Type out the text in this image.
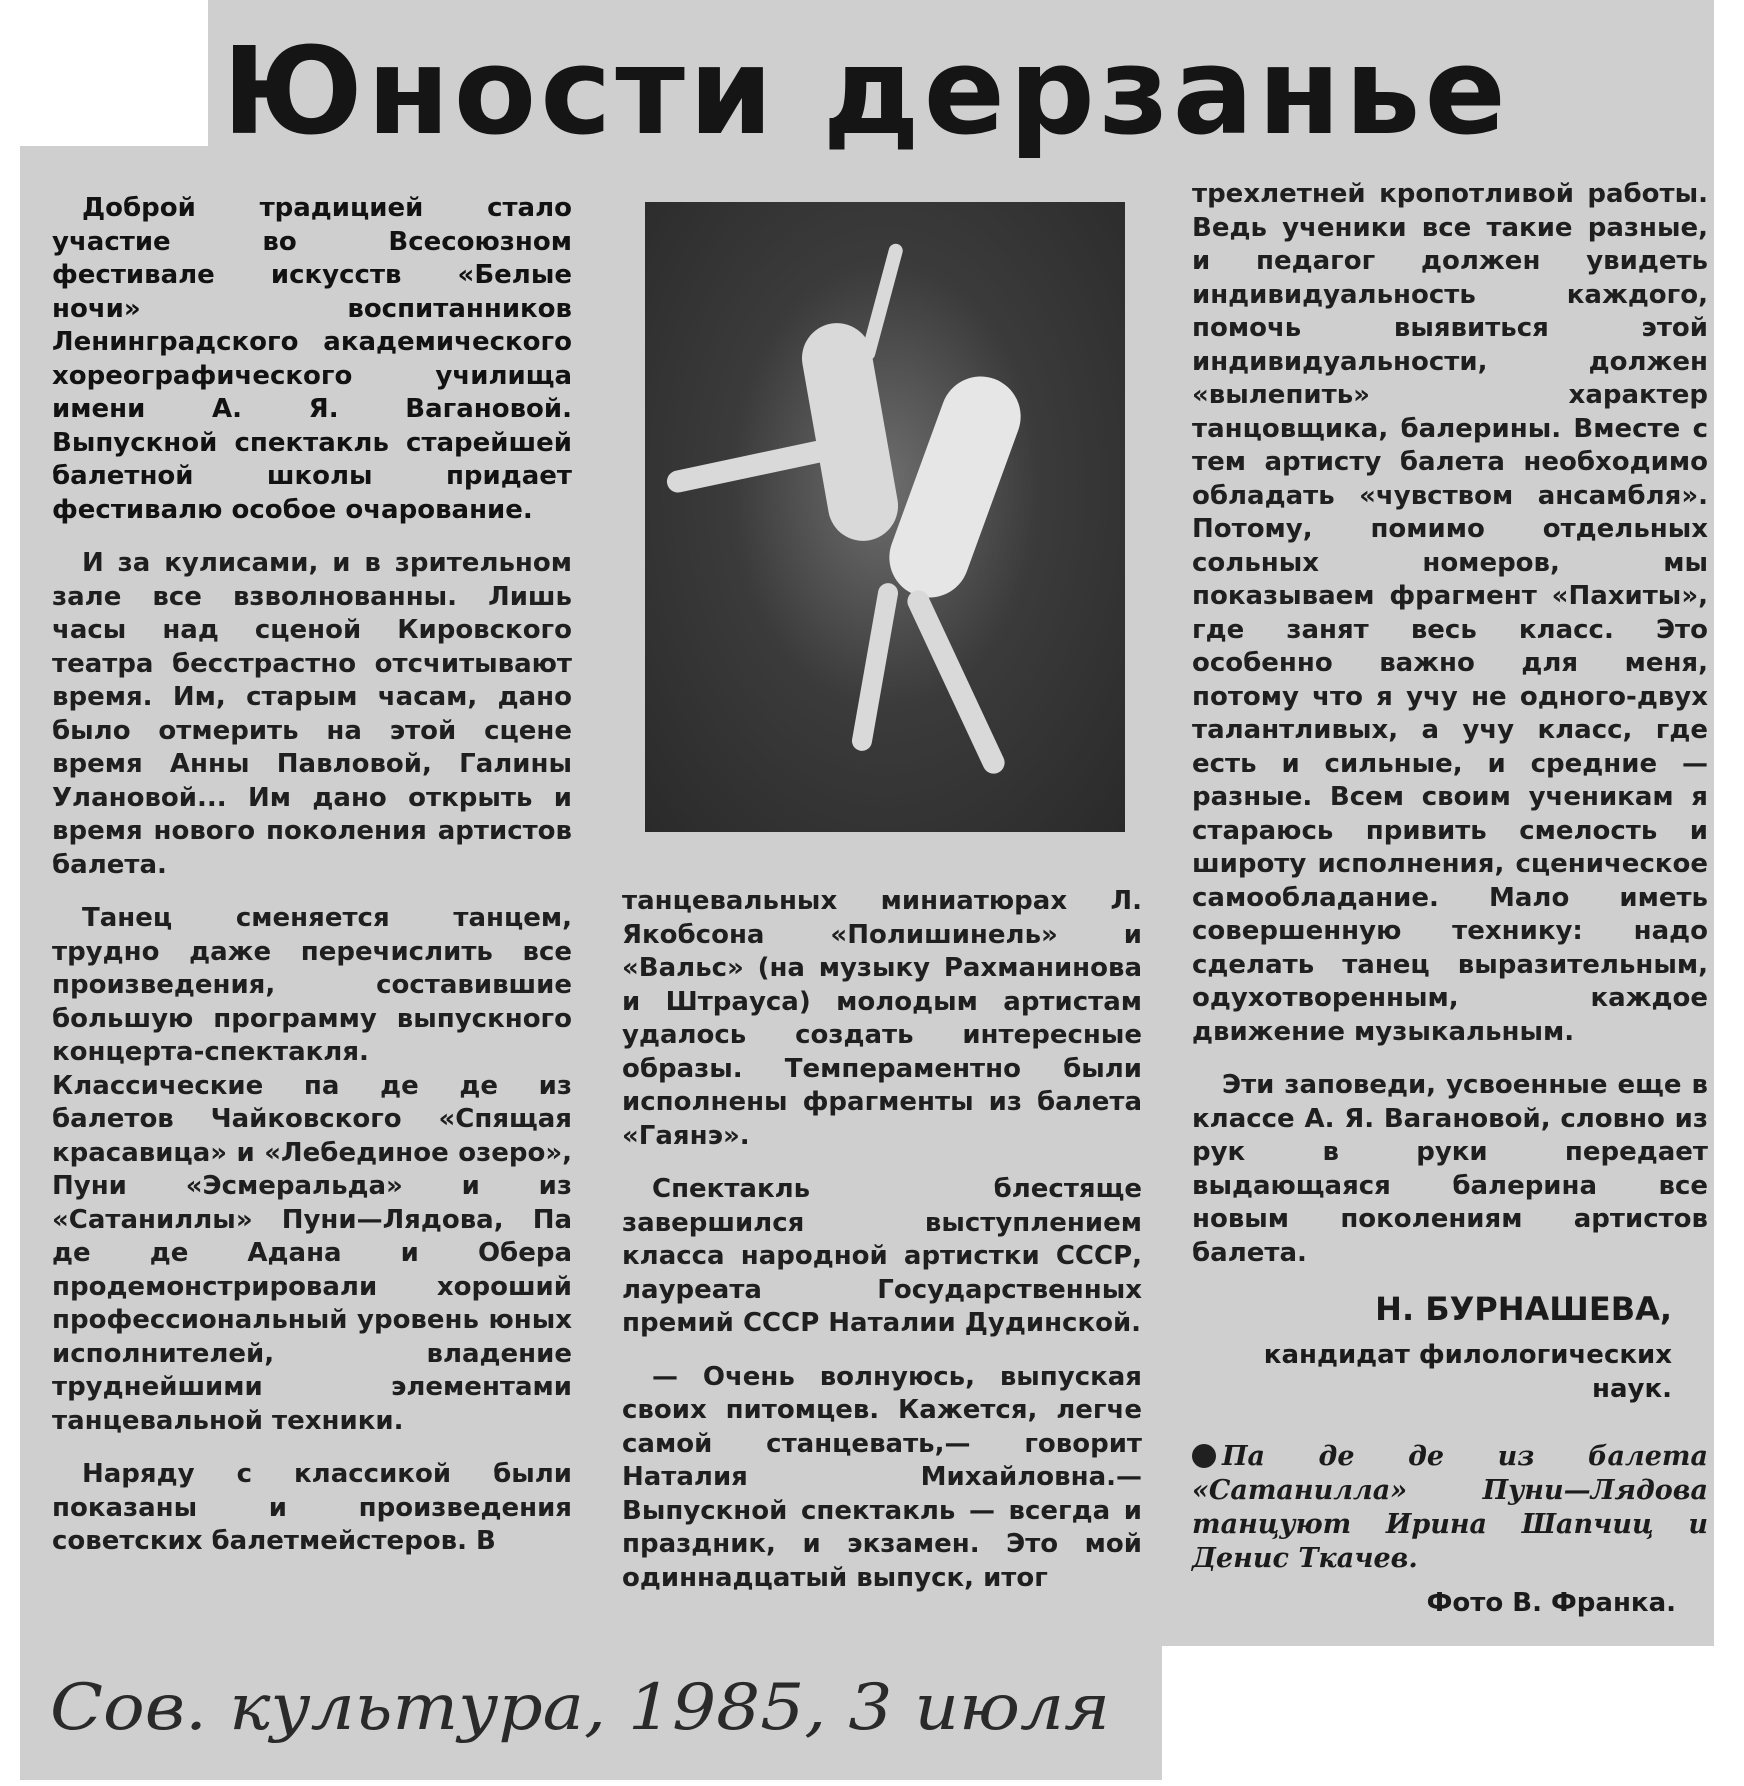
Юности дерзанье

Доброй традицией стало участие во Всесоюзном фестивале искусств «Белые ночи» воспитанников Ленинградского академического хореографического училища имени А. Я. Вагановой. Выпускной спектакль старейшей балетной школы придает фестивалю особое очарование.

И за кулисами, и в зрительном зале все взволнованны. Лишь часы над сценой Кировского театра бесстрастно отсчитывают время. Им, старым часам, дано было отмерить на этой сцене время Анны Павловой, Галины Улановой... Им дано открыть и время нового поколения артистов балета.

Танец сменяется танцем, трудно даже перечислить все произведения, составившие большую программу выпускного концерта-спектакля. Классические па де де из балетов Чайковского «Спящая красавица» и «Лебединое озеро», Пуни «Эсмеральда» и из «Сатаниллы» Пуни—Лядова, Па де де Адана и Обера продемонстрировали хороший профессиональный уровень юных исполнителей, владение труднейшими элементами танцевальной техники.

Наряду с классикой были показаны и произведения советских балетмейстеров. В

танцевальных миниатюрах Л. Якобсона «Полишинель» и «Вальс» (на музыку Рахманинова и Штрауса) молодым артистам удалось создать интересные образы. Темпераментно были исполнены фрагменты из балета «Гаянэ».

Спектакль блестяще завершился выступлением класса народной артистки СССР, лауреата Государственных премий СССР Наталии Дудинской.

— Очень волнуюсь, выпуская своих питомцев. Кажется, легче самой станцевать,— говорит Наталия Михайловна.— Выпускной спектакль — всегда и праздник, и экзамен. Это мой одиннадцатый выпуск, итог

трехлетней кропотливой работы. Ведь ученики все такие разные, и педагог должен увидеть индивидуальность каждого, помочь выявиться этой индивидуальности, должен «вылепить» характер танцовщика, балерины. Вместе с тем артисту балета необходимо обладать «чувством ансамбля». Потому, помимо отдельных сольных номеров, мы показываем фрагмент «Пахиты», где занят весь класс. Это особенно важно для меня, потому что я учу не одного-двух талантливых, а учу класс, где есть и сильные, и средние — разные. Всем своим ученикам я стараюсь привить смелость и широту исполнения, сценическое самообладание. Мало иметь совершенную технику: надо сделать танец выразительным, одухотворенным, каждое движение музыкальным.

Эти заповеди, усвоенные еще в классе А. Я. Вагановой, словно из рук в руки передает выдающаяся балерина все новым поколениям артистов балета.

Н. БУРНАШЕВА,
кандидат филологических наук.
Па де де из балета «Сатанилла» Пуни—Лядова танцуют Ирина Шапчиц и Денис Ткачев.
Фото В. Франка.
Сов. культура, 1985, 3 июля
